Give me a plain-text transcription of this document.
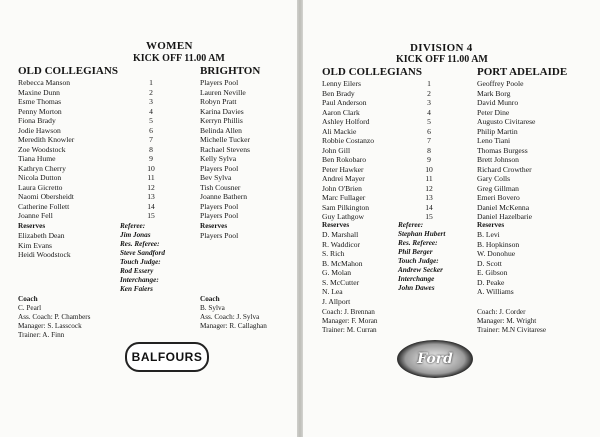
WOMEN
KICK OFF 11.00 AM
OLD COLLEGIANS	BRIGHTON
Rebecca Manson
Maxine Dunn
Esme Thomas
Penny Morton
Fiona Brady
Jodie Hawson
Meredith Knowler
Zoe Woodstock
Tiana Hume
Kathryn Cherry
Nicola Dutton
Laura Gicretto
Naomi Obersheidt
Catherine Follett
Joanne Fell
1
2
3
4
5
6
7
8
9
10
11
12
13
14
15
Players Pool
Lauren Neville
Robyn Pratt
Karina Davies
Kerryn Phillis
Belinda Allen
Michelle Tucker
Rachael Stevens
Kelly Sylva
Players Pool
Bev Sylva
Tish Cousner
Joanne Bathern
Players Pool
Players Pool
Reserves
Elizabeth Dean
Kim Evans
Heidi Woodstock
Referee:
Jim Jonas
Res. Referee:
Steve Sandford
Touch Judge:
Rod Essery
Interchange:
Ken Faiers
Reserves
Players Pool
Coach
C. Pearl
Ass. Coach: P. Chambers
Manager: S. Lasscock
Trainer: A. Finn
Coach
B. Sylva
Ass. Coach: J. Sylva
Manager: R. Callaghan
BALFOURS
DIVISION 4
KICK OFF 11.00 AM
OLD COLLEGIANS	PORT ADELAIDE
Lenny Eilers
Ben Brady
Paul Anderson
Aaron Clark
Ashley Holford
Ali Mackie
Robbie Costanzo
John Gill
Ben Rokobaro
Peter Hawker
Andrei Mayer
John O'Brien
Marc Fullager
Sam Pilkington
Guy Lathgow
1
2
3
4
5
6
7
8
9
10
11
12
13
14
15
Geoffrey Poole
Mark Borg
David Munro
Peter Dine
Augusto Civitarese
Philip Martin
Leno Tiani
Thomas Burgess
Brett Johnson
Richard Crowther
Gary Colls
Greg Gillman
Emeri Bovero
Daniel McKenna
Daniel Hazelbarie
Reserves
D. Marshall
R. Waddicor
S. Rich
B. McMahon
G. Molan
S. McCutter
N. Lea
J. Allport
Referee:
Stephan Hubert
Res. Referee:
Phil Berger
Touch Judge:
Andrew Secker
Interchange
John Dawes
Reserves
B. Levi
B. Hopkinson
W. Donohue
D. Scott
E. Gibson
D. Peake
A. Williams
Coach: J. Brennan
Manager: F. Moran
Trainer: M. Curran
Coach: J. Corder
Manager: M. Wright
Trainer: M.N Civitarese
Ford
